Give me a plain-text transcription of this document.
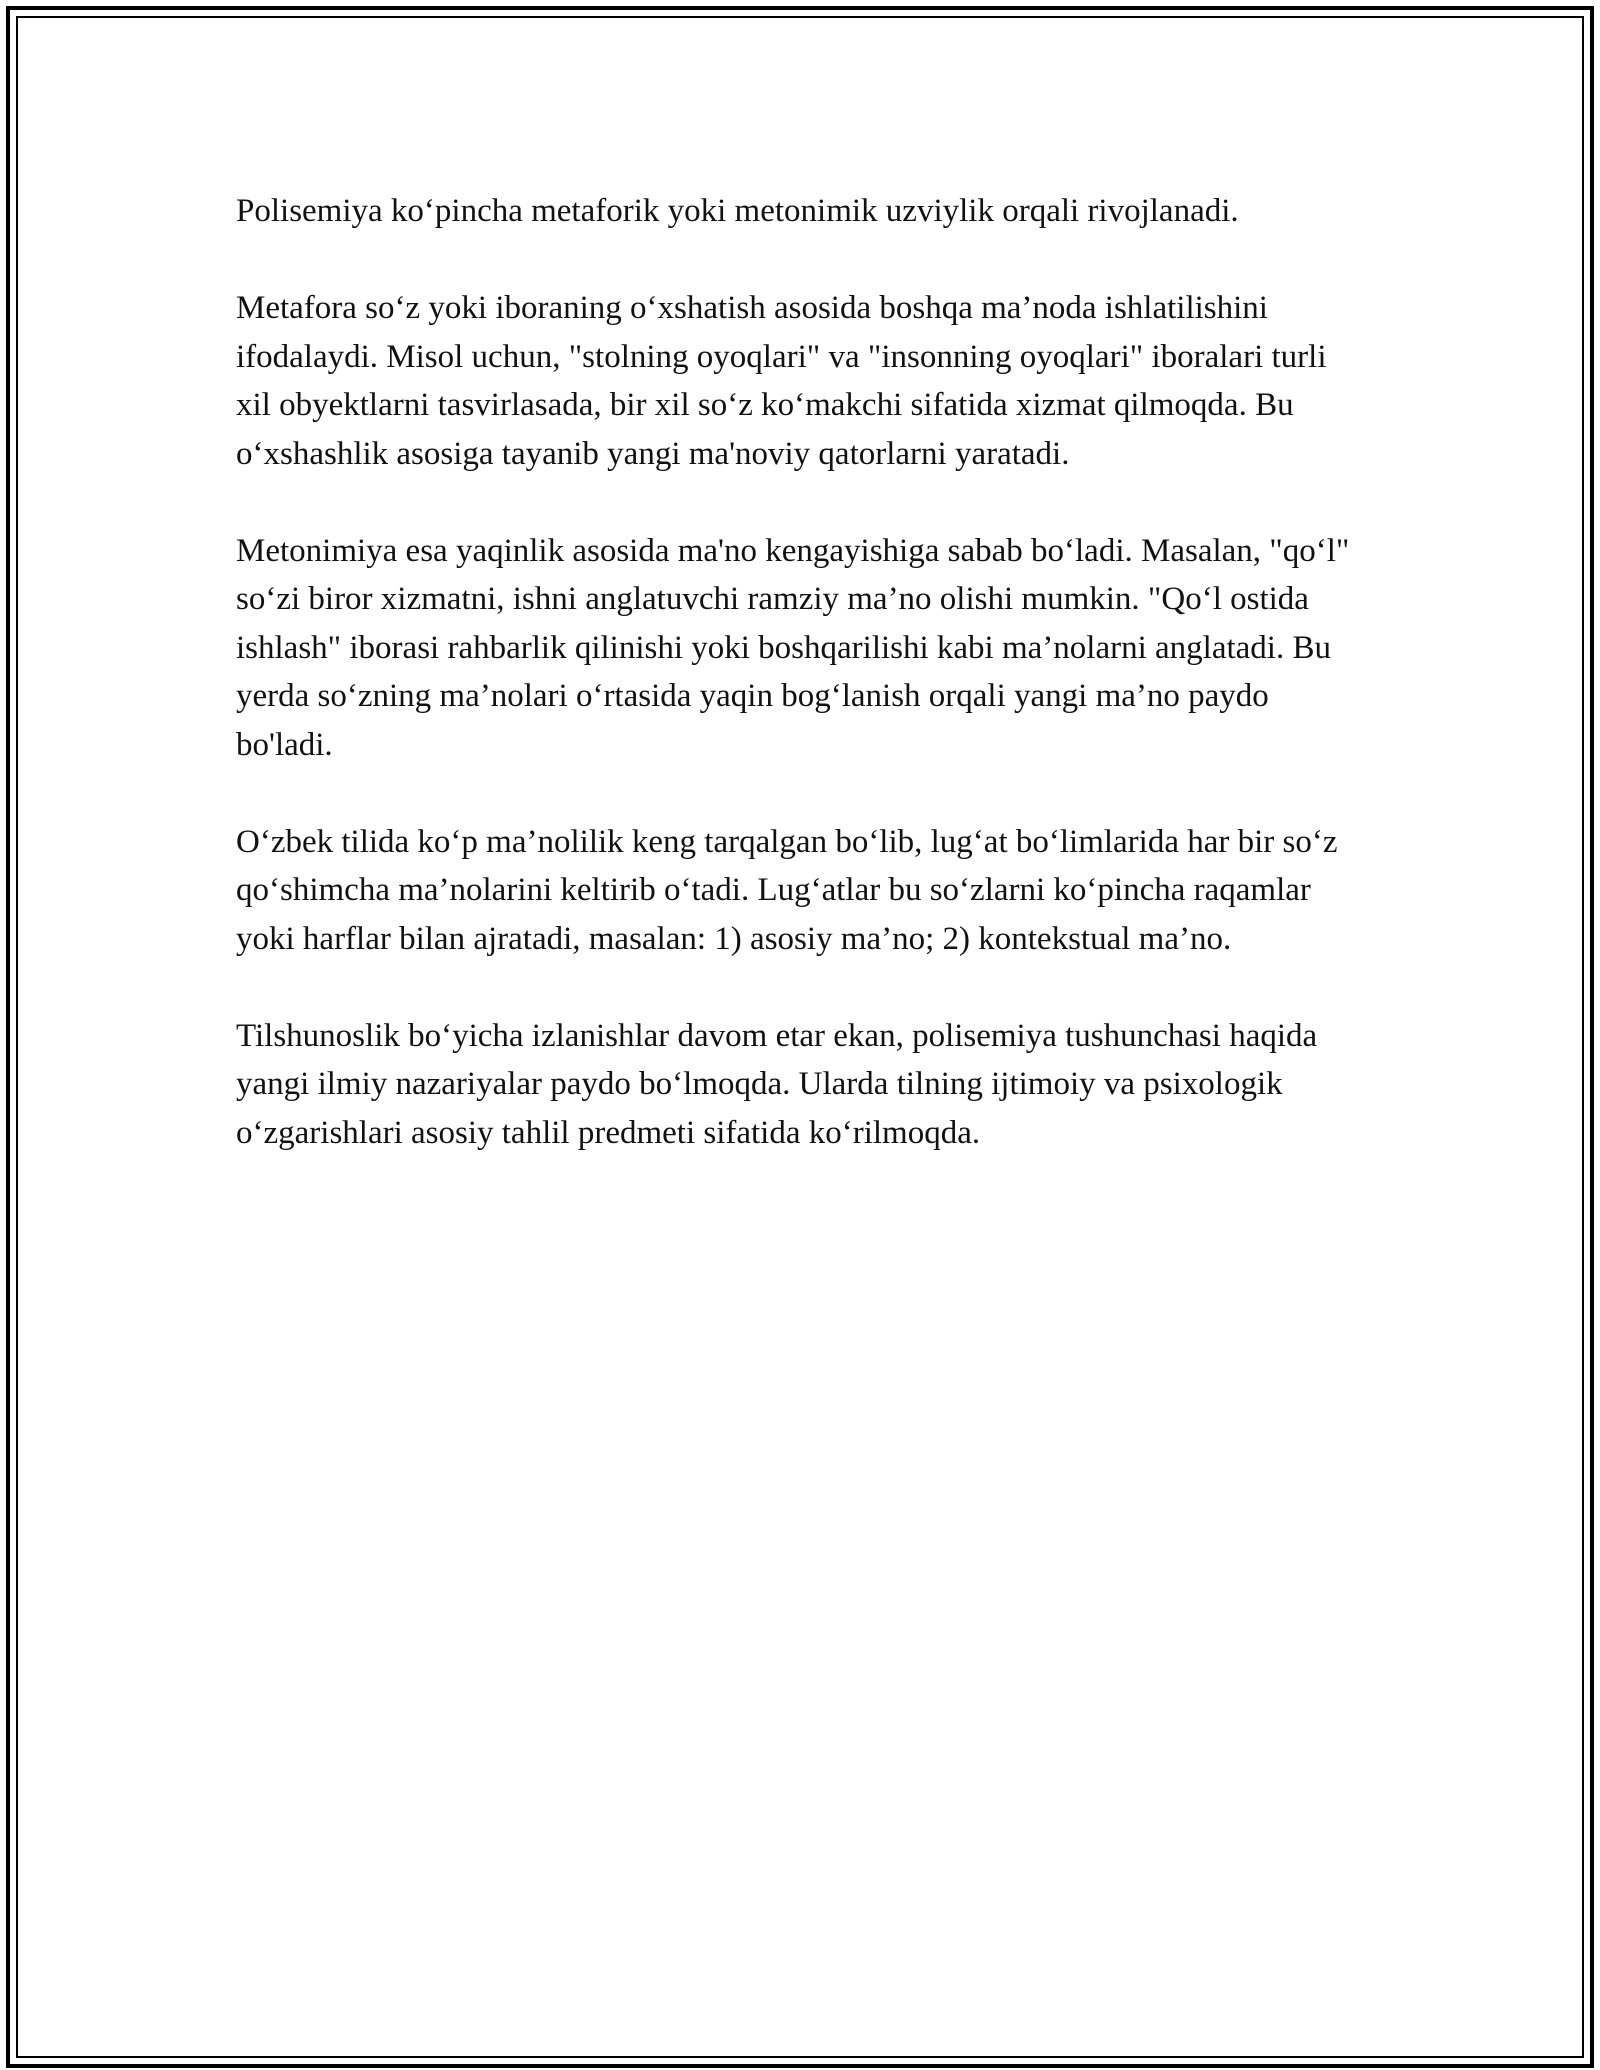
Polisemiya ko‘pincha metaforik yoki metonimik uzviylik orqali rivojlanadi.

Metafora so‘z yoki iboraning o‘xshatish asosida boshqa ma’noda ishlatilishini ifodalaydi. Misol uchun, "stolning oyoqlari" va "insonning oyoqlari" iboralari turli xil obyektlarni tasvirlasada, bir xil so‘z ko‘makchi sifatida xizmat qilmoqda. Bu o‘xshashlik asosiga tayanib yangi ma'noviy qatorlarni yaratadi.

Metonimiya esa yaqinlik asosida ma'no kengayishiga sabab bo‘ladi. Masalan, "qo‘l" so‘zi biror xizmatni, ishni anglatuvchi ramziy ma’no olishi mumkin. "Qo‘l ostida ishlash" iborasi rahbarlik qilinishi yoki boshqarilishi kabi ma’nolarni anglatadi. Bu yerda so‘zning ma’nolari o‘rtasida yaqin bog‘lanish orqali yangi ma’no paydo bo'ladi.

O‘zbek tilida ko‘p ma’nolilik keng tarqalgan bo‘lib, lug‘at bo‘limlarida har bir so‘z qo‘shimcha ma’nolarini keltirib o‘tadi. Lug‘atlar bu so‘zlarni ko‘pincha raqamlar yoki harflar bilan ajratadi, masalan: 1) asosiy ma’no; 2) kontekstual ma’no.

Tilshunoslik bo‘yicha izlanishlar davom etar ekan, polisemiya tushunchasi haqida yangi ilmiy nazariyalar paydo bo‘lmoqda. Ularda tilning ijtimoiy va psixologik o‘zgarishlari asosiy tahlil predmeti sifatida ko‘rilmoqda.
